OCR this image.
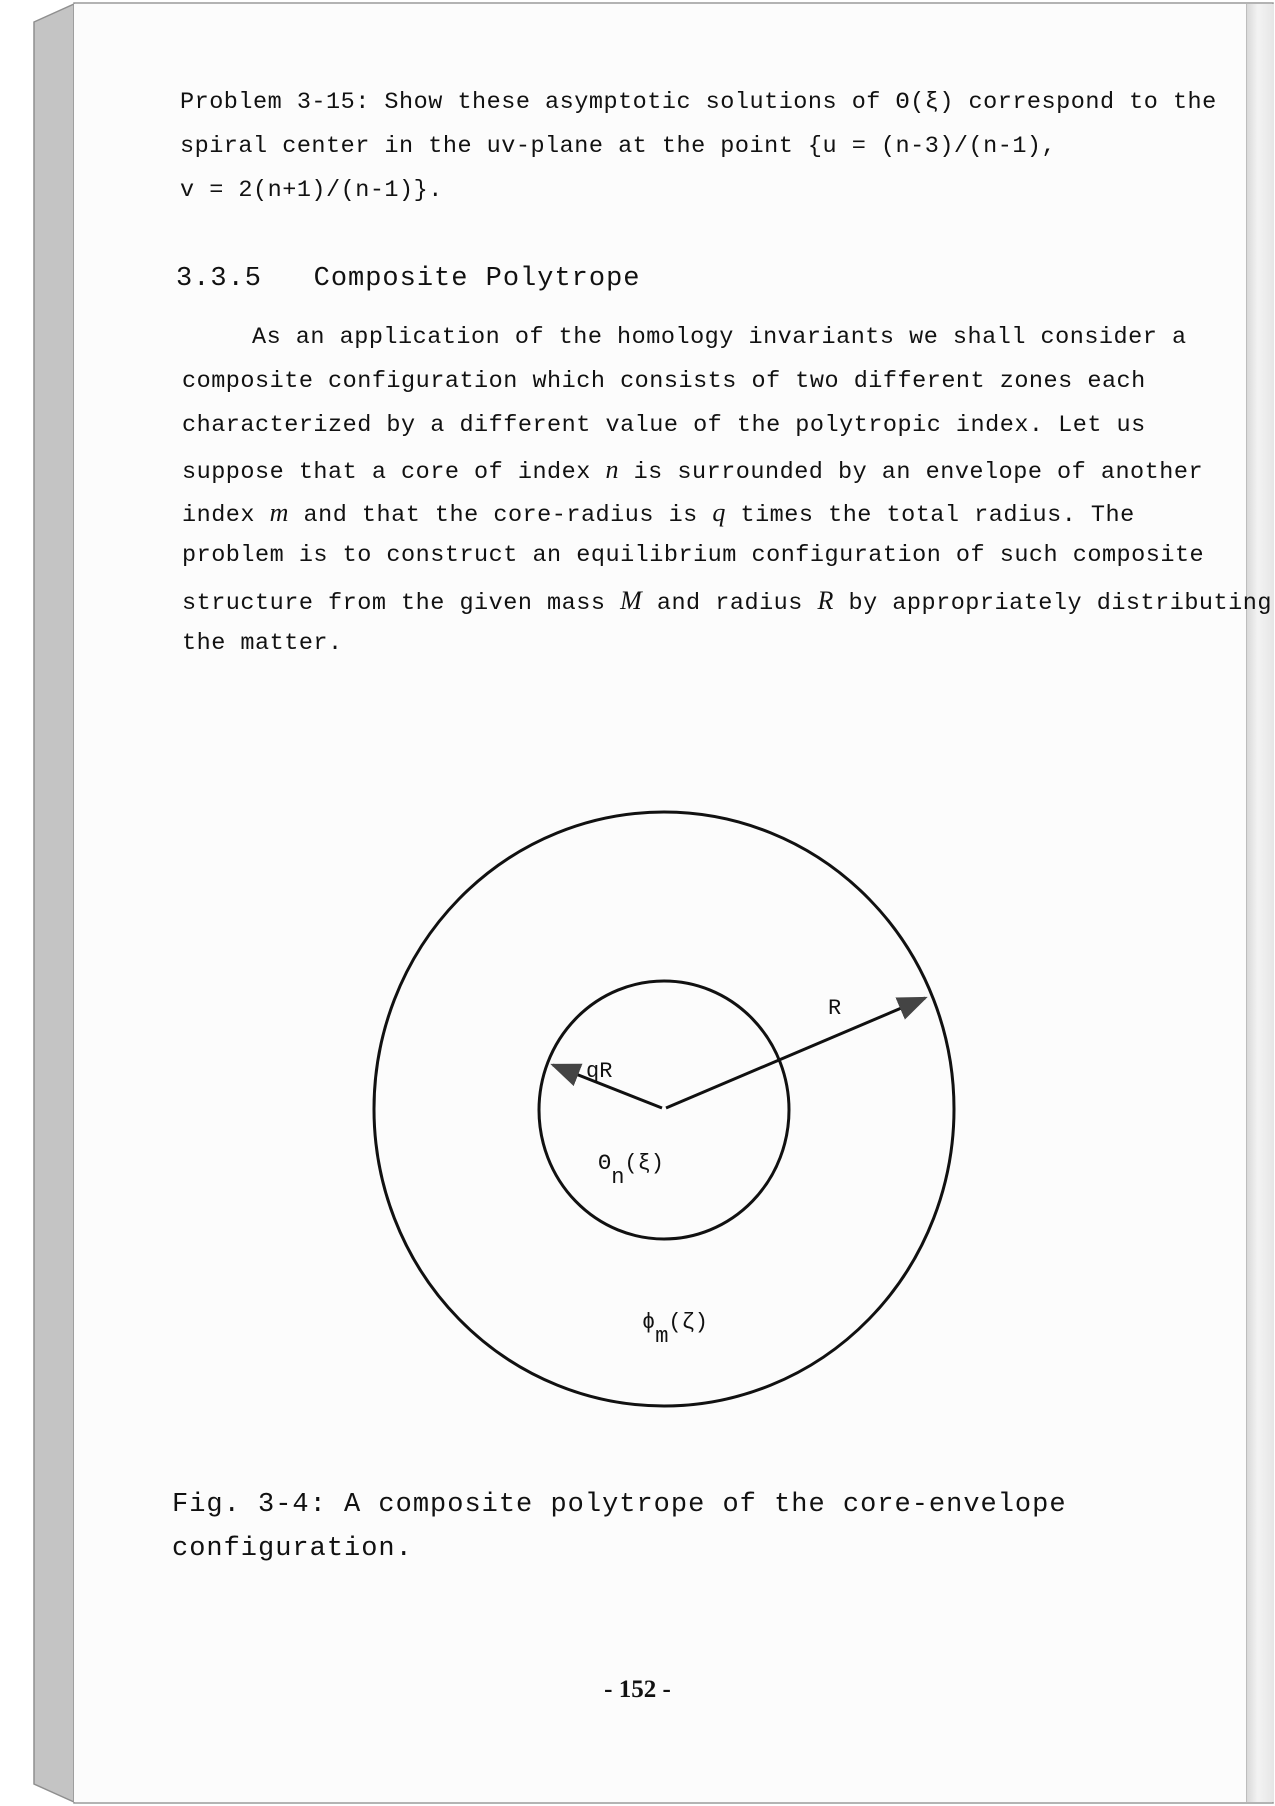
Problem 3-15: Show these asymptotic solutions of Θ(ξ) correspond to the
spiral center in the uv-plane at the point {u = (n-3)/(n-1),
v = 2(n+1)/(n-1)}.
3.3.5 Composite Polytrope
As an application of the homology invariants we shall consider a
composite configuration which consists of two different zones each
characterized by a different value of the polytropic index. Let us
suppose that a core of index n is surrounded by an envelope of another
index m and that the core-radius is q times the total radius. The
problem is to construct an equilibrium configuration of such composite
structure from the given mass M and radius R by appropriately distributing
the matter.
R
qR
Θn(ξ)
ϕm(ζ)
Fig. 3-4: A composite polytrope of the core-envelope
configuration.
- 152 -
